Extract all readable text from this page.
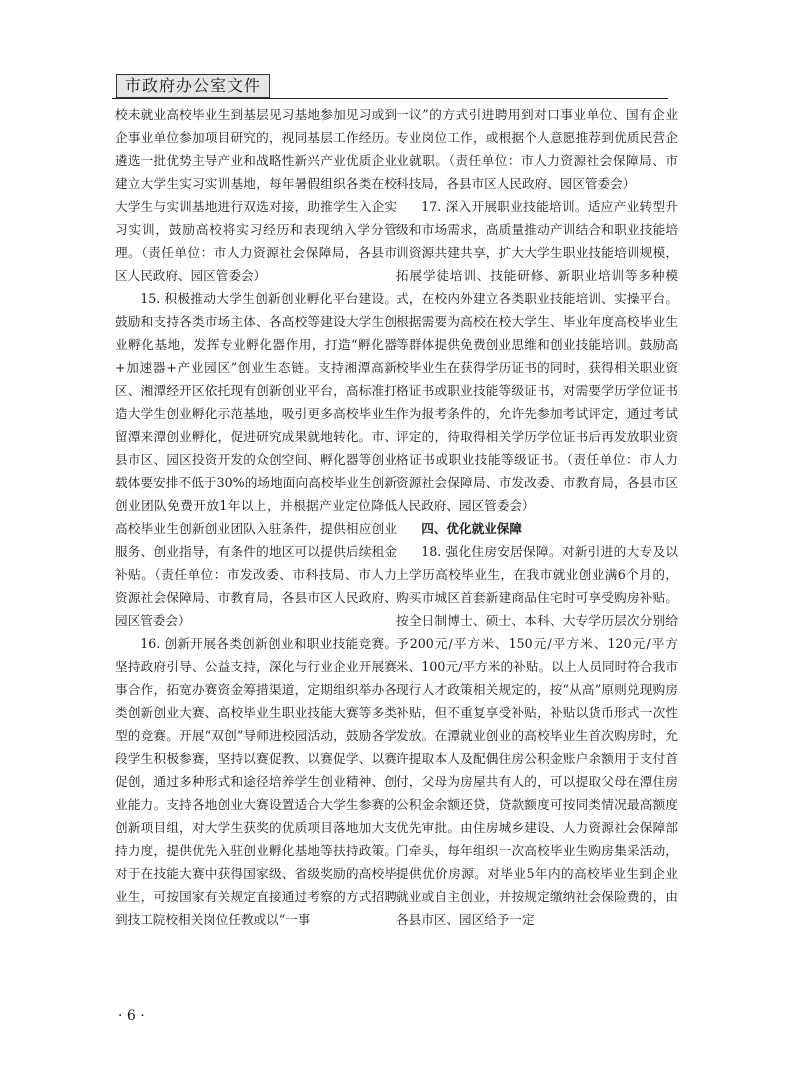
市政府办公室文件

校未就业高校毕业生到基层见习基地参加见习或到企事业单位参加项目研究的，视同基层工作经历。遴选一批优势主导产业和战略性新兴产业优质企业建立大学生实习实训基地，每年暑假组织各类在校大学生与实训基地进行双选对接，助推学生入企实习实训，鼓励高校将实习经历和表现纳入学分管理。（责任单位：市人力资源社会保障局，各县市区人民政府、园区管委会）

15. 积极推动大学生创新创业孵化平台建设。鼓励和支持各类市场主体、各高校等建设大学生创业孵化基地，发挥专业孵化器作用，打造“孵化器+加速器+产业园区”创业生态链。支持湘潭高新区、湘潭经开区依托现有创新创业平台，高标准打造大学生创业孵化示范基地，吸引更多高校毕业生留潭来潭创业孵化，促进研究成果就地转化。市、县市区、园区投资开发的众创空间、孵化器等创业载体要安排不低于30%的场地面向高校毕业生创新创业团队免费开放1年以上，并根据产业定位降低高校毕业生创新创业团队入驻条件，提供相应创业服务、创业指导，有条件的地区可以提供后续租金补贴。（责任单位：市发改委、市科技局、市人力资源社会保障局、市教育局，各县市区人民政府、园区管委会）

16. 创新开展各类创新创业和职业技能竞赛。坚持政府引导、公益支持，深化与行业企业开展赛事合作，拓宽办赛资金筹措渠道，定期组织举办各类创新创业大赛、高校毕业生职业技能大赛等多类型的竞赛。开展“双创”导师进校园活动，鼓励各学段学生积极参赛，坚持以赛促教、以赛促学、以赛促创，通过多种形式和途径培养学生创业精神、创业能力。支持各地创业大赛设置适合大学生参赛的创新项目组，对大学生获奖的优质项目落地加大支持力度，提供优先入驻创业孵化基地等扶持政策。对于在技能大赛中获得国家级、省级奖励的高校毕业生，可按国家有关规定直接通过考察的方式招聘到技工院校相关岗位任教或以“一事

一议”的方式引进聘用到对口事业单位、国有企业专业岗位工作，或根据个人意愿推荐到优质民营企业就职。（责任单位：市人力资源社会保障局、市科技局，各县市区人民政府、园区管委会）

17. 深入开展职业技能培训。适应产业转型升级和市场需求，高质量推动产训结合和职业技能培训资源共建共享，扩大大学生职业技能培训规模，拓展学徒培训、技能研修、新职业培训等多种模式，在校内外建立各类职业技能培训、实操平台。根据需要为高校在校大学生、毕业年度高校毕业生等群体提供免费创业思维和创业技能培训。鼓励高校毕业生在获得学历证书的同时，获得相关职业资格证书或职业技能等级证书，对需要学历学位证书作为报考条件的，允许先参加考试评定，通过考试评定的，待取得相关学历学位证书后再发放职业资格证书或职业技能等级证书。（责任单位：市人力资源社会保障局、市发改委、市教育局，各县市区人民政府、园区管委会）

四、优化就业保障

18. 强化住房安居保障。对新引进的大专及以上学历高校毕业生，在我市就业创业满6个月的，购买市城区首套新建商品住宅时可享受购房补贴。按全日制博士、硕士、本科、大专学历层次分别给予200元/平方米、150元/平方米、120元/平方米、100元/平方米的补贴。以上人员同时符合我市现行人才政策相关规定的，按“从高”原则兑现购房补贴，但不重复享受补贴，补贴以货币形式一次性发放。在潭就业创业的高校毕业生首次购房时，允许提取本人及配偶住房公积金账户余额用于支付首付，父母为房屋共有人的，可以提取父母在潭住房公积金余额还贷，贷款额度可按同类情况最高额度优先审批。由住房城乡建设、人力资源社会保障部门牵头，每年组织一次高校毕业生购房集采活动，提供优价房源。对毕业5年内的高校毕业生到企业就业或自主创业，并按规定缴纳社会保险费的，由各县市区、园区给予一定

· 6 ·
